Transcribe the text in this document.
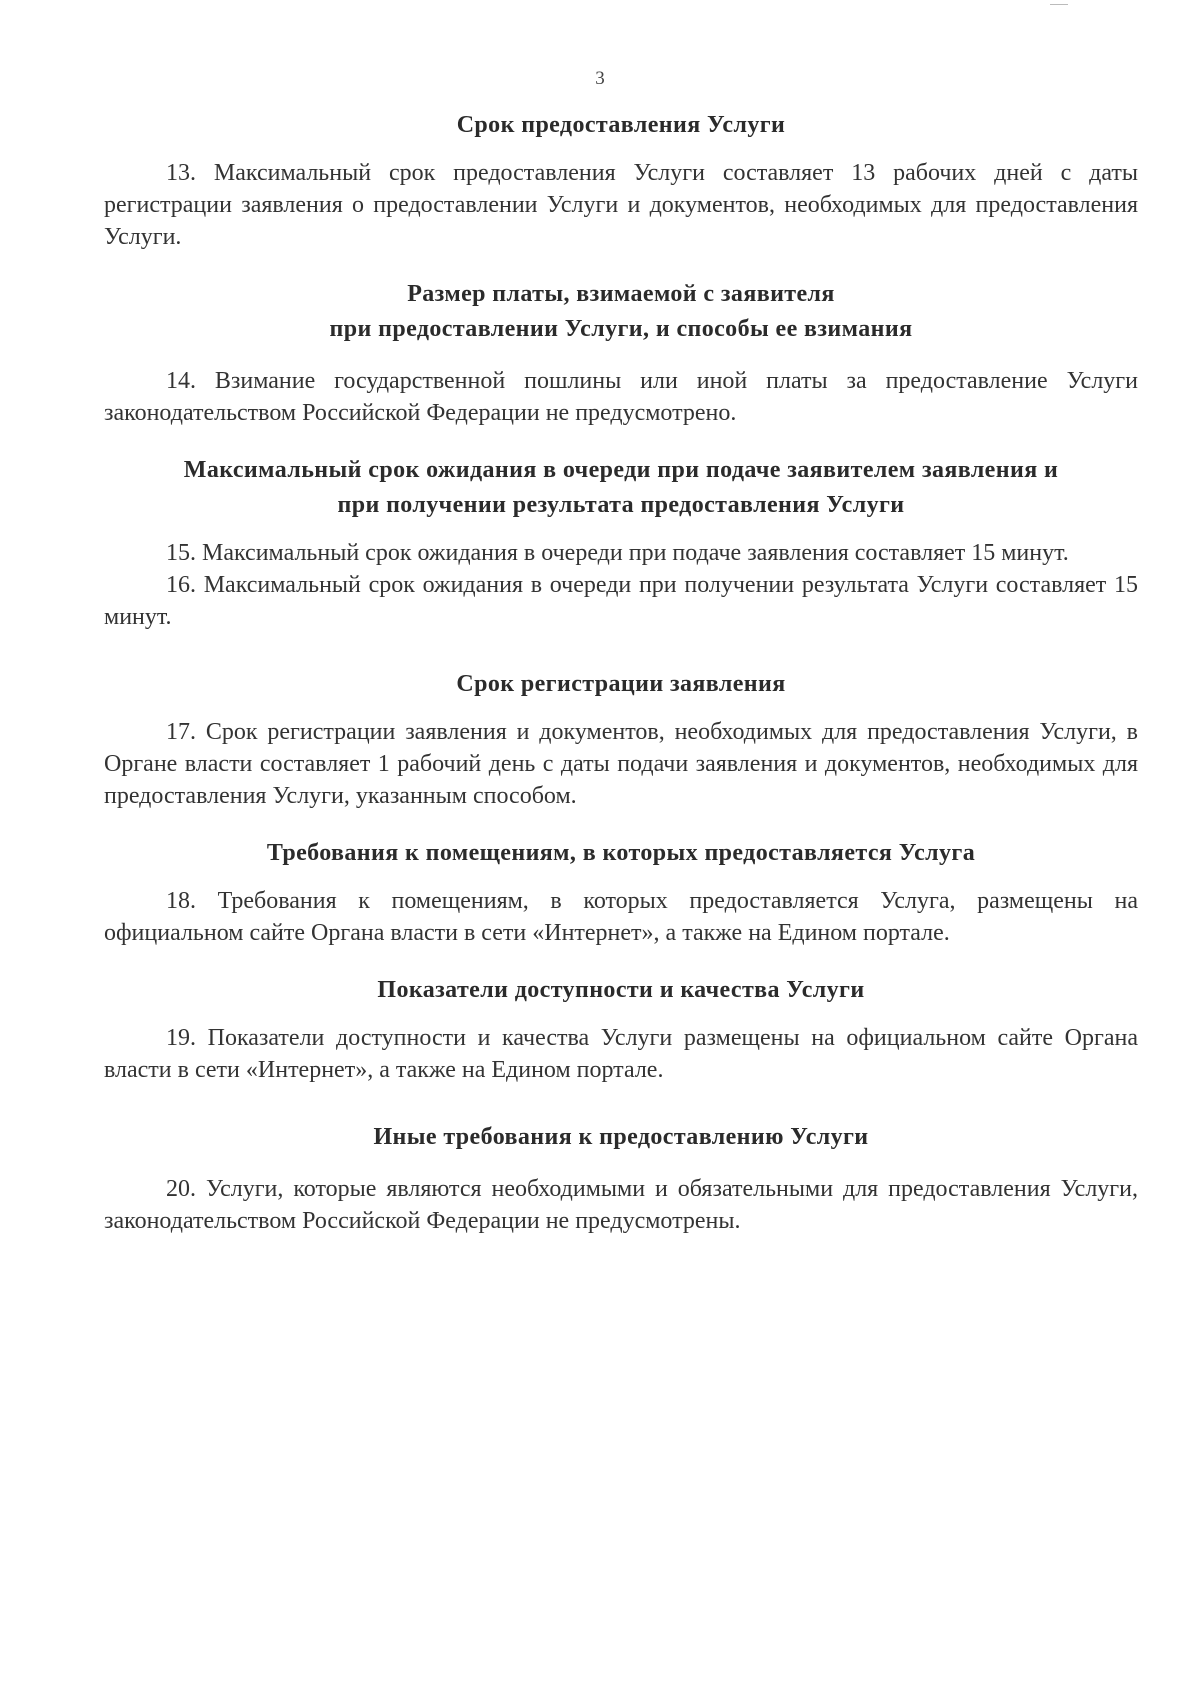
3

Срок предоставления Услуги

13. Максимальный срок предоставления Услуги составляет 13 рабочих дней с даты регистрации заявления о предоставлении Услуги и документов, необходимых для предоставления Услуги.

Размер платы, взимаемой с заявителя

при предоставлении Услуги, и способы ее взимания

14. Взимание государственной пошлины или иной платы за предоставление Услуги законодательством Российской Федерации не предусмотрено.

Максимальный срок ожидания в очереди при подаче заявителем заявления и

при получении результата предоставления Услуги

15. Максимальный срок ожидания в очереди при подаче заявления составляет 15 минут.

16. Максимальный срок ожидания в очереди при получении результата Услуги составляет 15 минут.

Срок регистрации заявления

17. Срок регистрации заявления и документов, необходимых для предоставления Услуги, в Органе власти составляет 1 рабочий день с даты подачи заявления и документов, необходимых для предоставления Услуги, указанным способом.

Требования к помещениям, в которых предоставляется Услуга

18. Требования к помещениям, в которых предоставляется Услуга, размещены на официальном сайте Органа власти в сети «Интернет», а также на Едином портале.

Показатели доступности и качества Услуги

19. Показатели доступности и качества Услуги размещены на официальном сайте Органа власти в сети «Интернет», а также на Едином портале.

Иные требования к предоставлению Услуги

20. Услуги, которые являются необходимыми и обязательными для предоставления Услуги, законодательством Российской Федерации не предусмотрены.
